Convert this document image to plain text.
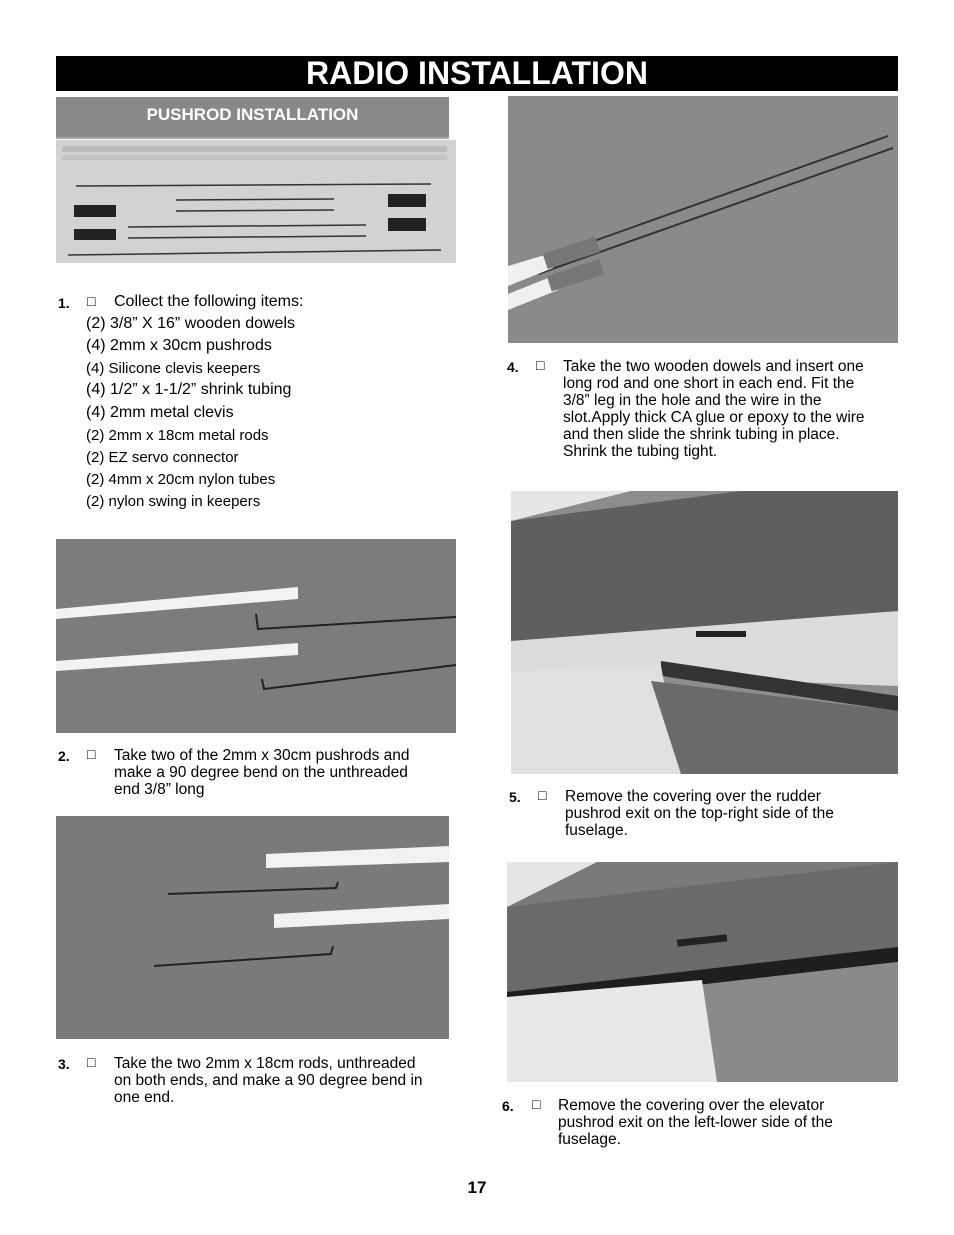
RADIO INSTALLATION
PUSHROD INSTALLATION
1. □ Collect the following items:
(2) 3/8” X 16” wooden dowels
(4) 2mm x 30cm pushrods
(4) Silicone clevis keepers
(4) 1/2” x 1-1/2” shrink tubing
(4) 2mm metal clevis
(2) 2mm x 18cm metal rods
(2) EZ servo connector
(2) 4mm x 20cm nylon tubes
(2) nylon swing in keepers
2. □ Take two of the 2mm x 30cm pushrods and
make a 90 degree bend on the unthreaded
end 3/8” long
3. □ Take the two 2mm x 18cm rods, unthreaded
on both ends, and make a 90 degree bend in
one end.
4. □ Take the two wooden dowels and insert one
long rod and one short in each end. Fit the
3/8” leg in the hole and the wire in the
slot.Apply thick CA glue or epoxy to the wire
and then slide the shrink tubing in place.
Shrink the tubing tight.
5. □ Remove the covering over the rudder
pushrod exit on the top-right side of the
fuselage.
6. □ Remove the covering over the elevator
pushrod exit on the left-lower side of the
fuselage.
17
